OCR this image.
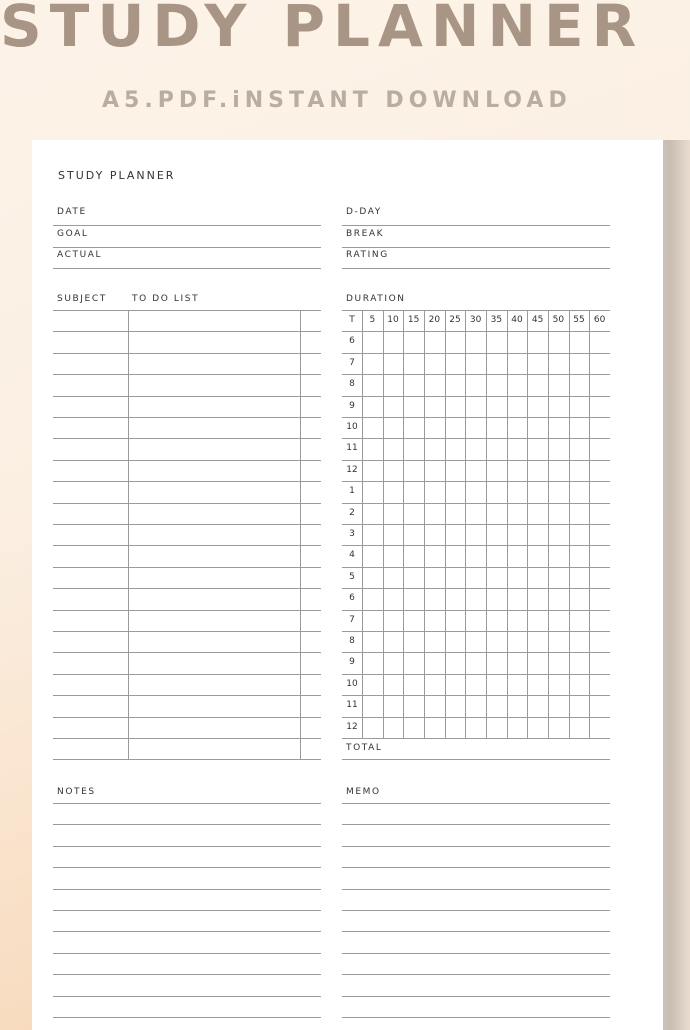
STUDY PLANNER
A5.PDF.iNSTANT DOWNLOAD
STUDY PLANNER
DATE	D-DAY
GOAL	BREAK
ACTUAL	RATING
SUBJECT	TO DO LIST	DURATION
T	5	10	15	20	25	30	35	40	45	50	55	60
6
7
8
9
10
11
12
1
2
3
4
5
6
7
8
9
10
11
12
TOTAL
NOTES	MEMO
